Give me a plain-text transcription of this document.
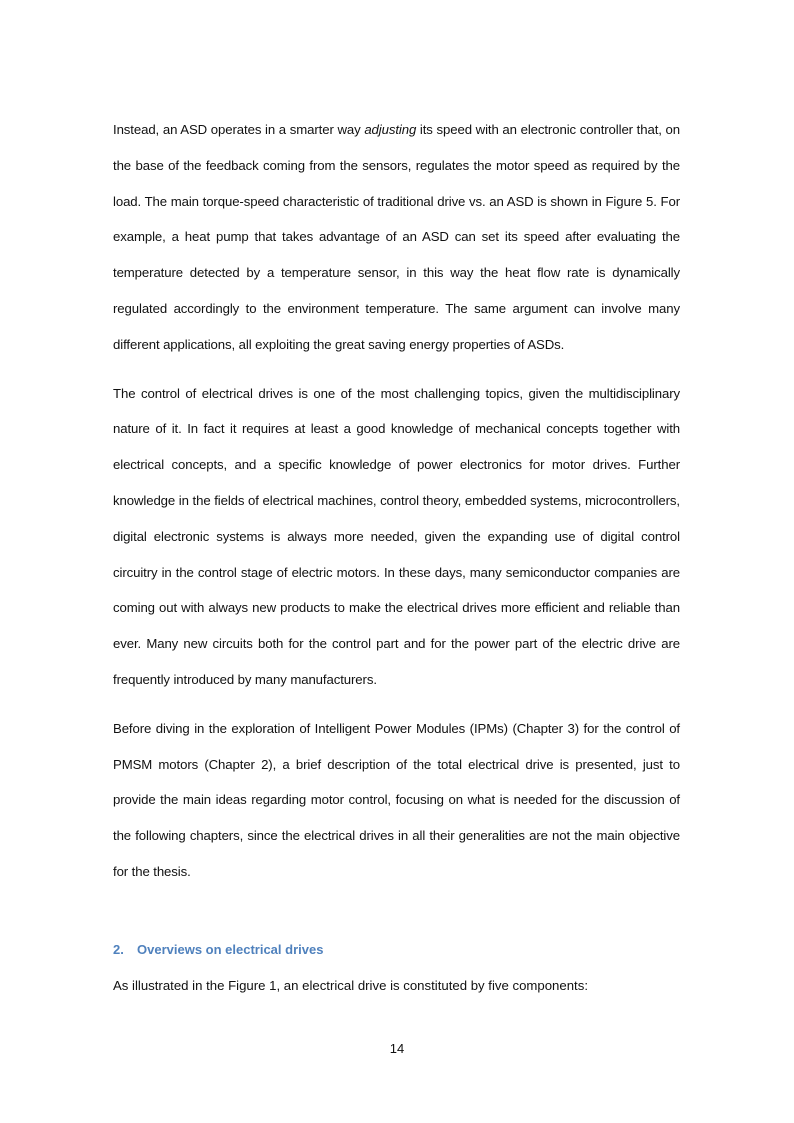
Instead, an ASD operates in a smarter way adjusting its speed with an electronic controller that, on the base of the feedback coming from the sensors, regulates the motor speed as required by the load. The main torque-speed characteristic of traditional drive vs. an ASD is shown in Figure 5. For example, a heat pump that takes advantage of an ASD can set its speed after evaluating the temperature detected by a temperature sensor, in this way the heat flow rate is dynamically regulated accordingly to the environment temperature. The same argument can involve many different applications, all exploiting the great saving energy properties of ASDs.

The control of electrical drives is one of the most challenging topics, given the multidisciplinary nature of it. In fact it requires at least a good knowledge of mechanical concepts together with electrical concepts, and a specific knowledge of power electronics for motor drives. Further knowledge in the fields of electrical machines, control theory, embedded systems, microcontrollers, digital electronic systems is always more needed, given the expanding use of digital control circuitry in the control stage of electric motors. In these days, many semiconductor companies are coming out with always new products to make the electrical drives more efficient and reliable than ever. Many new circuits both for the control part and for the power part of the electric drive are frequently introduced by many manufacturers.

Before diving in the exploration of Intelligent Power Modules (IPMs) (Chapter 3) for the control of PMSM motors (Chapter 2), a brief description of the total electrical drive is presented, just to provide the main ideas regarding motor control, focusing on what is needed for the discussion of the following chapters, since the electrical drives in all their generalities are not the main objective for the thesis.

2. Overviews on electrical drives

As illustrated in the Figure 1, an electrical drive is constituted by five components:

14
